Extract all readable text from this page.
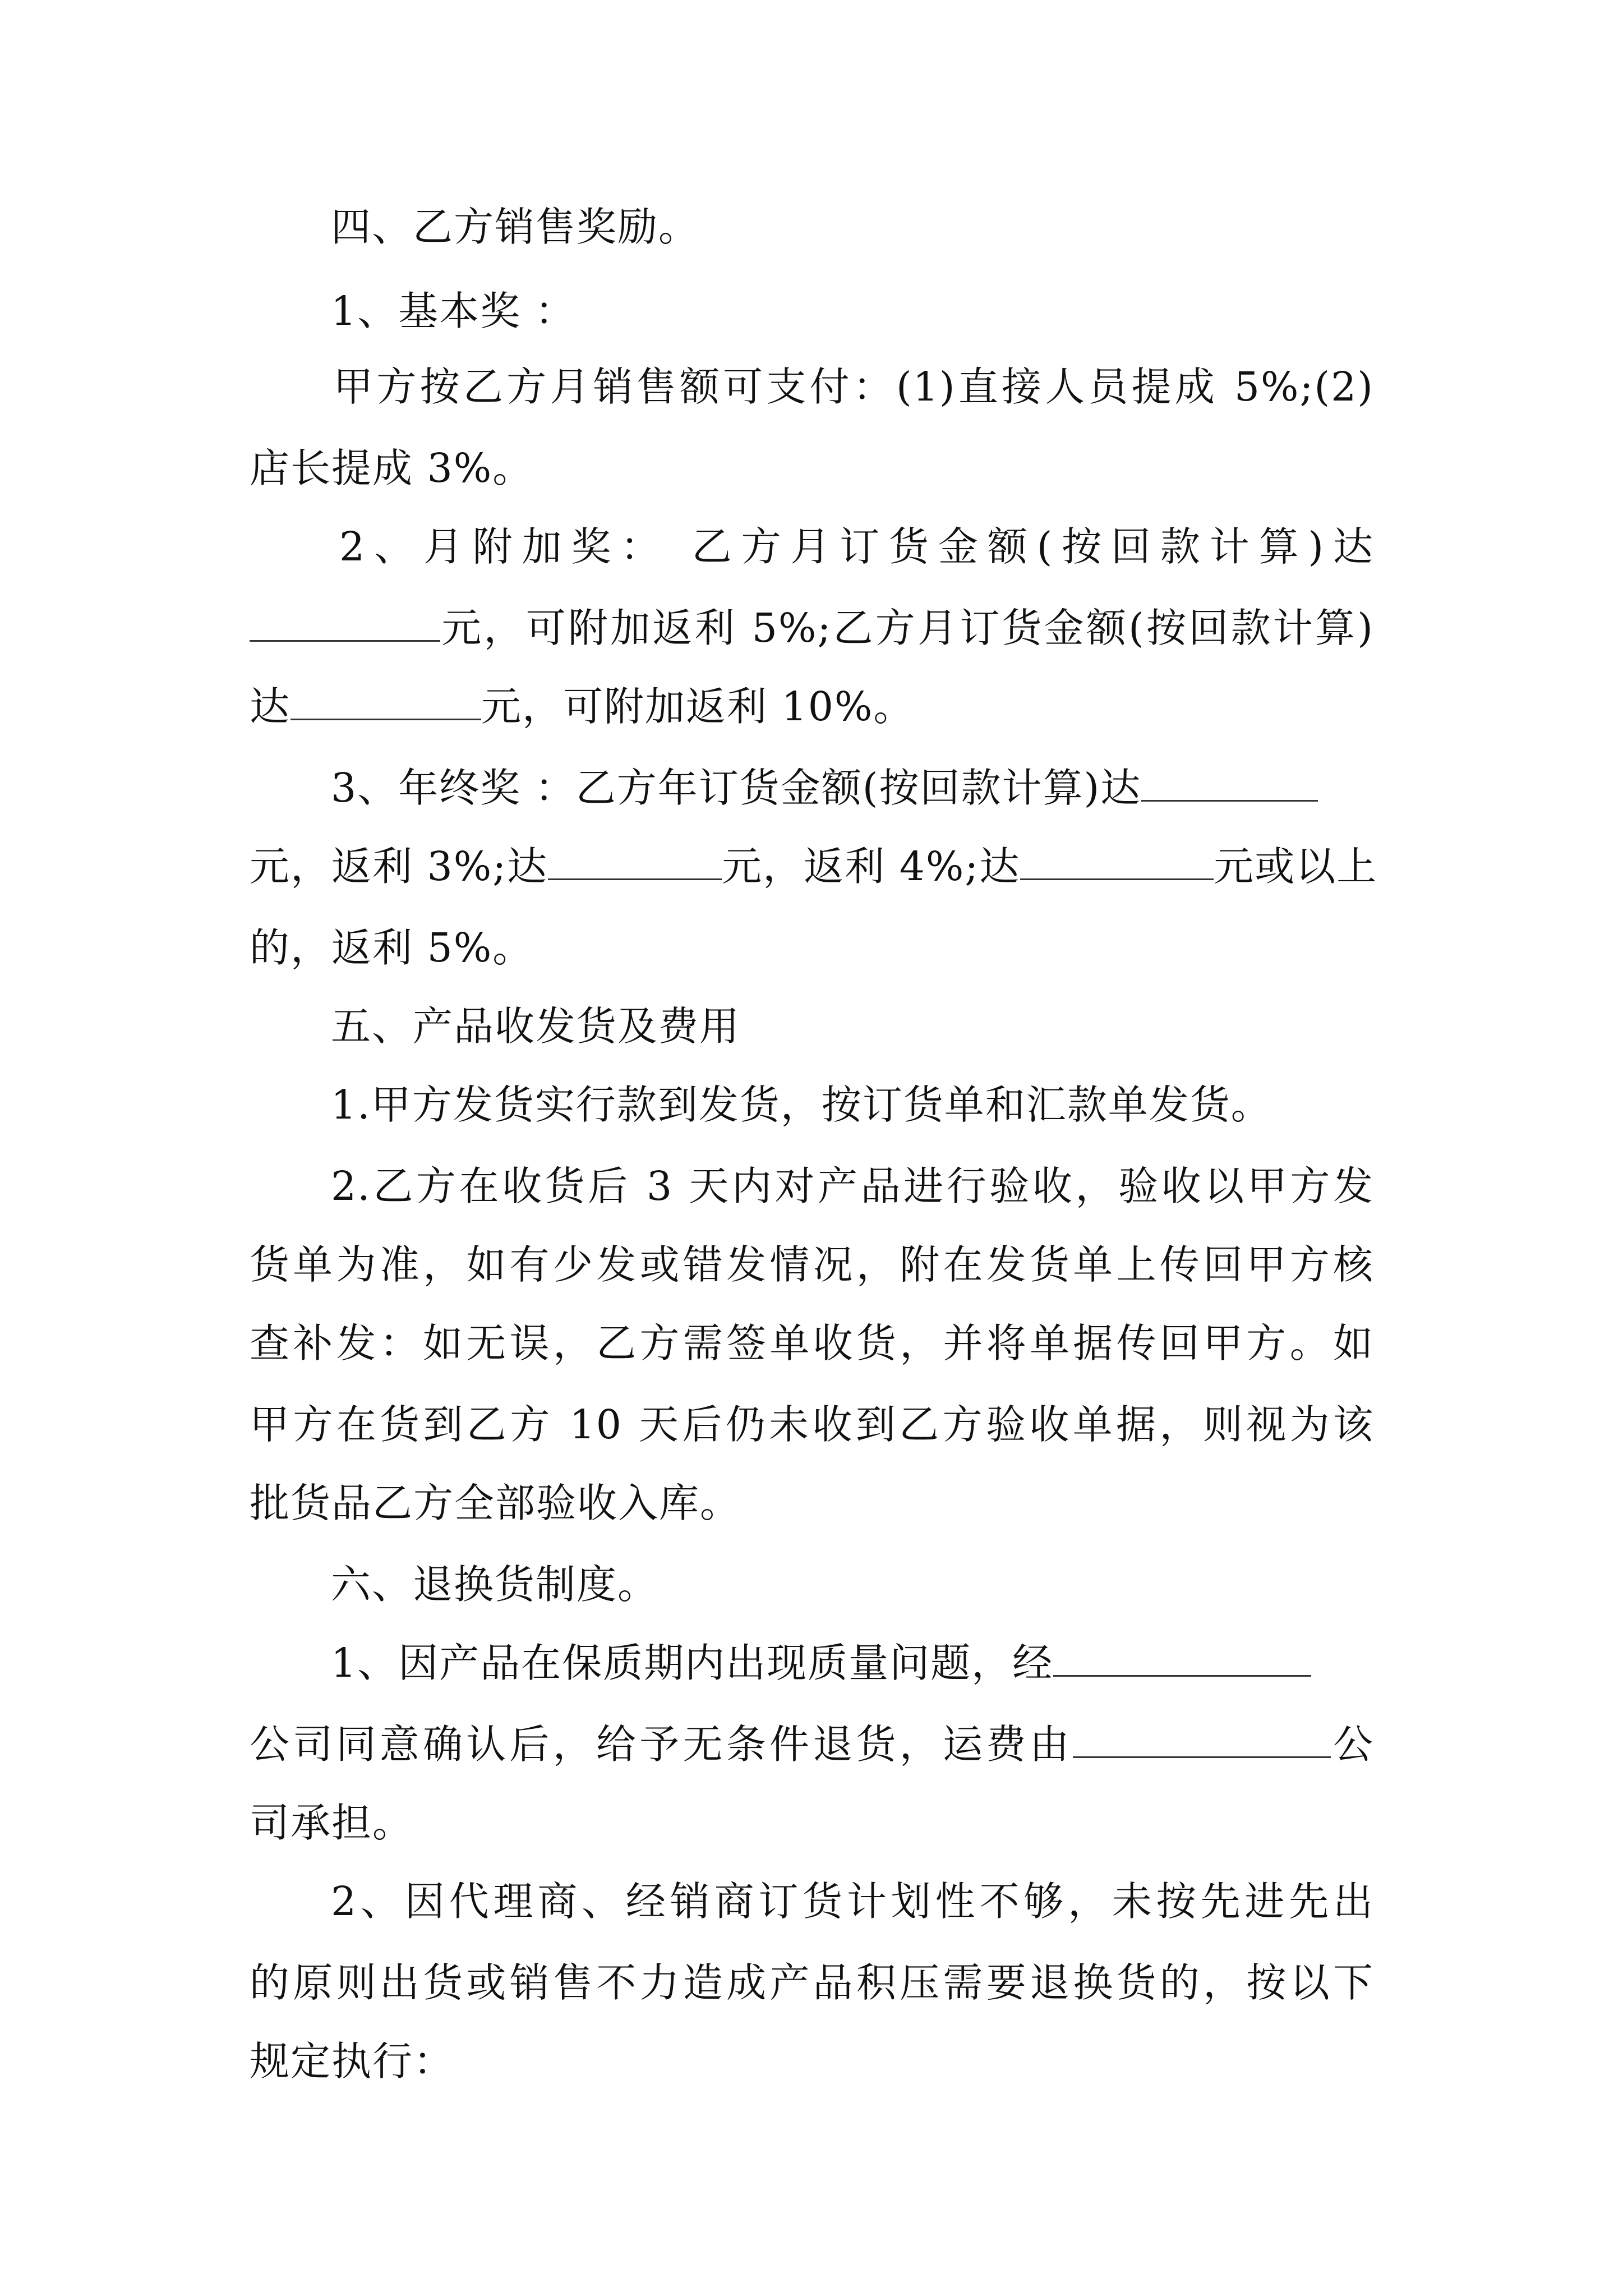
四、乙方销售奖励。
1、基本奖 ：
甲方按乙方月销售额可支付：(1)直接人员提成 5%;(2)
店长提成 3%。
2、月附加奖： 乙方月订货金额(按回款计算)达
元，可附加返利 5%;乙方月订货金额(按回款计算)
达	元，可附加返利 10%。
3、年终奖 ：乙方年订货金额(按回款计算)达
元，返利 3%;达	元，返利 4%;达	元或以上
的，返利 5%。
五、产品收发货及费用
1.甲方发货实行款到发货，按订货单和汇款单发货。
2.乙方在收货后 3 天内对产品进行验收，验收以甲方发
货单为准，如有少发或错发情况，附在发货单上传回甲方核
查补发：如无误，乙方需签单收货，并将单据传回甲方。如
甲方在货到乙方 10 天后仍未收到乙方验收单据，则视为该
批货品乙方全部验收入库。
六、退换货制度。
1、因产品在保质期内出现质量问题，经
公司同意确认后，给予无条件退货，运费由	公
司承担。
2、因代理商、经销商订货计划性不够，未按先进先出
的原则出货或销售不力造成产品积压需要退换货的，按以下
规定执行：
